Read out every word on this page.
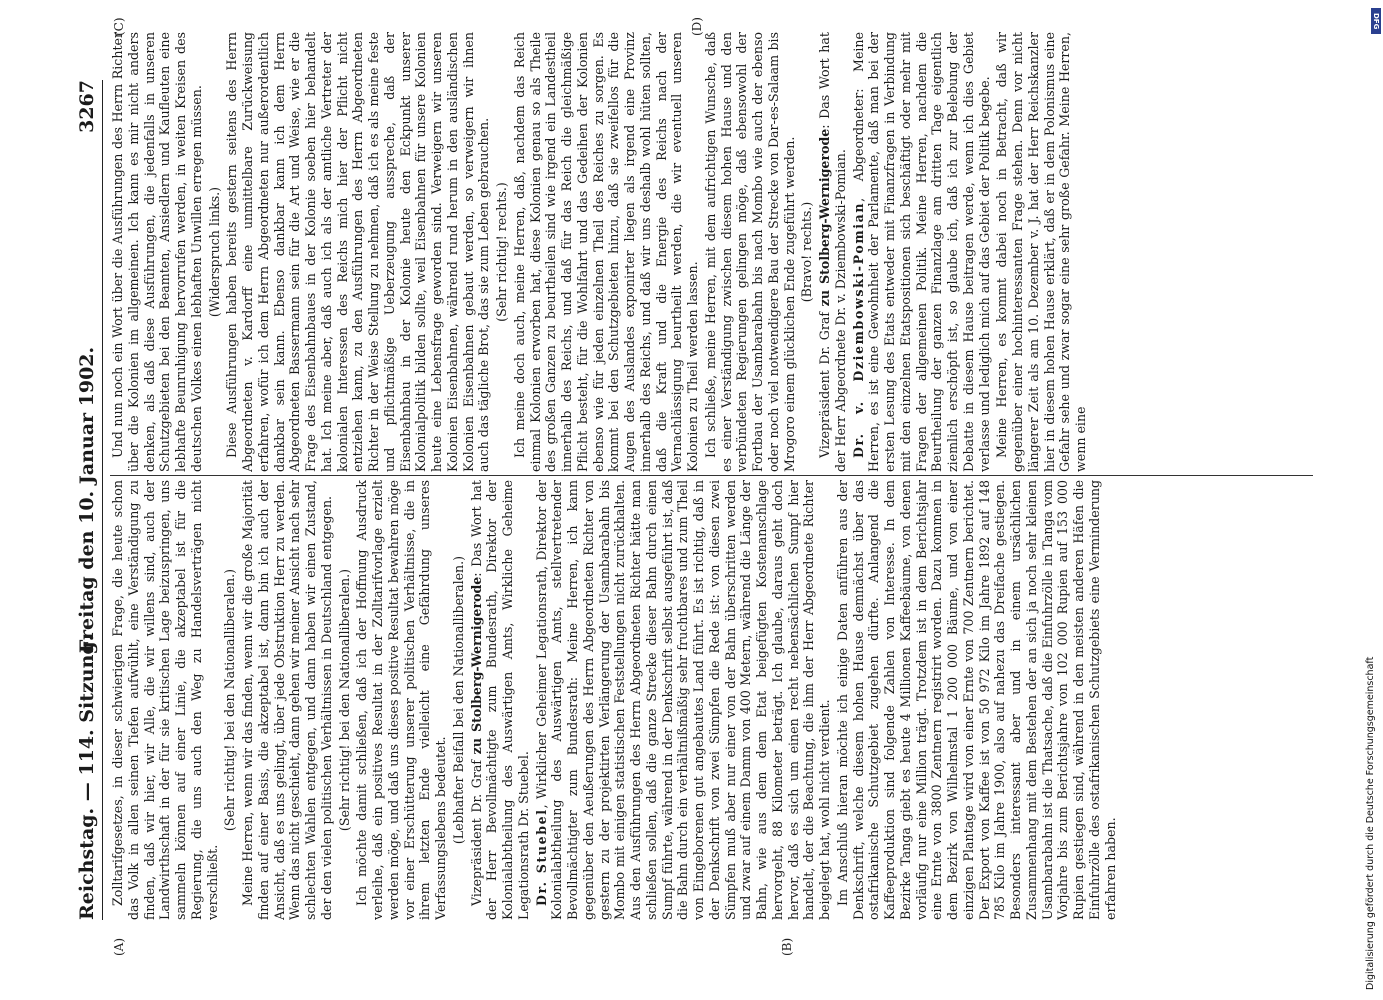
Reichstag. — 114. Sitzung.
Freitag den 10. Januar 1902.
3267
(A)	(B)
(C)	(D)

Zolltarifgesetzes, in dieser schwierigen Frage, die heute schon das Volk in allen seinen Tiefen aufwühlt, eine Verständigung zu finden, daß wir hier, wir Alle, die wir willens sind, auch der Landwirthschaft in der für sie kritischen Lage beizuspringen, uns sammeln können auf einer Linie, die akzeptabel ist für die Regierung, die uns auch den Weg zu Handelsverträgen nicht verschließt.

(Sehr richtig! bei den Nationalliberalen.) Meine Herren, wenn wir das finden, wenn wir die große Majorität finden auf einer Basis, die akzeptabel ist, dann bin ich auch der Ansicht, daß es uns gelingt, über jede Obstruktion Herr zu werden. Wenn das nicht geschieht, dann gehen wir meiner Ansicht nach sehr schlechten Wahlen entgegen, und dann haben wir einen Zustand, der den vielen politischen Verhältnissen in Deutschland entgegen. (Sehr richtig! bei den Nationalliberalen.) Ich möchte damit schließen, daß ich der Hoffnung Ausdruck verleihe, daß ein positives Resultat in der Zolltarifvorlage erzielt werden möge, und daß uns dieses positive Resultat bewahren möge vor einer Erschütterung unserer politischen Verhältnisse, die in ihrem letzten Ende vielleicht eine Gefährdung unseres Verfassungslebens bedeutet. (Lebhafter Beifall bei den Nationalliberalen.) Vizepräsident Dr. Graf zu Stolberg-Wernigerode: Das Wort hat der Herr Bevollmächtigte zum Bundesrath, Direktor der Kolonialabtheilung des Auswärtigen Amts, Wirkliche Geheime Legationsrath Dr. Stuebel. Dr. Stuebel, Wirklicher Geheimer Legationsrath, Direktor der Kolonialabtheilung des Auswärtigen Amts, stellvertretender Bevollmächtigter zum Bundesrath: Meine Herren, ich kann gegenüber den Aeußerungen des Herrn Abgeordneten Richter von gestern zu der projektirten Verlängerung der Usambarabahn bis Mombo mit einigen statistischen Feststellungen nicht zurückhalten. Aus den Ausführungen des Herrn Abgeordneten Richter hätte man schließen sollen, daß die ganze Strecke dieser Bahn durch einen Sumpf führte, während in der Denkschrift selbst ausgeführt ist, daß die Bahn durch ein verhältnißmäßig sehr fruchtbares und zum Theil von Eingeborenen gut angebautes Land führt. Es ist richtig, daß in der Denkschrift von zwei Sümpfen die Rede ist: von diesen zwei Sümpfen muß aber nur einer von der Bahn überschritten werden und zwar auf einem Damm von 400 Metern, während die Länge der Bahn, wie aus dem dem Etat beigefügten Kostenanschlage hervorgeht, 88 Kilometer beträgt. Ich glaube, daraus geht doch hervor, daß es sich um einen recht nebensächlichen Sumpf hier handelt, der die Beachtung, die ihm der Herr Abgeordnete Richter beigelegt hat, wohl nicht verdient. Im Anschluß hieran möchte ich einige Daten anführen aus der Denkschrift, welche diesem hohen Hause demnächst über das ostafrikanische Schutzgebiet zugehen dürfte. Anlangend die Kaffeeproduktion sind folgende Zahlen von Interesse. In dem Bezirke Tanga giebt es heute 4 Millionen Kaffeebäume, von denen vorläufig nur eine Million trägt. Trotzdem ist in dem Berichtsjahr eine Ernte von 3800 Zentnern registrirt worden. Dazu kommen in dem Bezirk von Wilhelmstal 1 200 000 Bäume, und von einer einzigen Plantage wird von einer Ernte von 700 Zentnern berichtet. Der Export von Kaffee ist von 50 972 Kilo im Jahre 1892 auf 148 785 Kilo im Jahre 1900, also auf nahezu das Dreifache gestiegen. Besonders interessant aber und in einem ursächlichen Zusammenhang mit dem Bestehen der an sich ja noch sehr kleinen Usambarabahn ist die Thatsache, daß die Einfuhrzölle in Tanga vom Vorjahre bis zum Berichtsjahre von 102 000 Rupien auf 153 000 Rupien gestiegen sind, während in den meisten anderen Häfen die Einfuhrzölle des ostafrikanischen Schutzgebiets eine Verminderung erfahren haben.

Und nun noch ein Wort über die Ausführungen des Herrn Richter über die Kolonien im allgemeinen. Ich kann es mir nicht anders denken, als daß diese Ausführungen, die jedenfalls in unseren Schutzgebieten bei den Beamten, Ansiedlern und Kaufleuten eine lebhafte Beunruhigung hervorrufen werden, in weiten Kreisen des deutschen Volkes einen lebhaften Unwillen erregen müssen. (Widerspruch links.) Diese Ausführungen haben bereits gestern seitens des Herrn Abgeordneten v. Kardorff eine unmittelbare Zurückweisung erfahren, wofür ich dem Herrn Abgeordneten nur außerordentlich dankbar sein kann. Ebenso dankbar kann ich dem Herrn Abgeordneten Bassermann sein für die Art und Weise, wie er die Frage des Eisenbahnbaues in der Kolonie soeben hier behandelt hat. Ich meine aber, daß auch ich als der amtliche Vertreter der kolonialen Interessen des Reichs mich hier der Pflicht nicht entziehen kann, zu den Ausführungen des Herrn Abgeordneten Richter in der Weise Stellung zu nehmen, daß ich es als meine feste und pflichtmäßige Ueberzeugung ausspreche, daß der Eisenbahnbau in der Kolonie heute den Eckpunkt unserer Kolonialpolitik bilden sollte, weil Eisenbahnen für unsere Kolonien heute eine Lebensfrage geworden sind. Verweigern wir unseren Kolonien Eisenbahnen, während rund herum in den ausländischen Kolonien Eisenbahnen gebaut werden, so verweigern wir ihnen auch das tägliche Brot, das sie zum Leben gebrauchen. (Sehr richtig! rechts.) Ich meine doch auch, meine Herren, daß, nachdem das Reich einmal Kolonien erworben hat, diese Kolonien genau so als Theile des großen Ganzen zu beurtheilen sind wie irgend ein Landestheil innerhalb des Reichs, und daß für das Reich die gleichmäßige Pflicht besteht, für die Wohlfahrt und das Gedeihen der Kolonien ebenso wie für jeden einzelnen Theil des Reiches zu sorgen. Es kommt bei den Schutzgebieten hinzu, daß sie zweifellos für die Augen des Auslandes exponirter liegen als irgend eine Provinz innerhalb des Reichs, und daß wir uns deshalb wohl hüten sollten, daß die Kraft und die Energie des Reichs nach der Vernachlässigung beurtheilt werden, die wir eventuell unseren Kolonien zu Theil werden lassen. Ich schließe, meine Herren, mit dem aufrichtigen Wunsche, daß es einer Verständigung zwischen diesem hohen Hause und den verbündeten Regierungen gelingen möge, daß ebensowohl der Fortbau der Usambarabahn bis nach Mombo wie auch der ebenso oder noch viel notwendigere Bau der Strecke von Dar-es-Salaam bis Mrogoro einem glücklichen Ende zugeführt werden. (Bravo! rechts.)

Vizepräsident Dr. Graf zu Stolberg-Wernigerode: Das Wort hat der Herr Abgeordnete Dr. v. Dziembowski-Pomian. Dr. v. Dziembowski-Pomian, Abgeordneter: Meine Herren, es ist eine Gewohnheit der Parlamente, daß man bei der ersten Lesung des Etats entweder mit Finanzfragen in Verbindung mit den einzelnen Etatspositionen sich beschäftigt oder mehr mit Fragen der allgemeinen Politik. Meine Herren, nachdem die Beurtheilung der ganzen Finanzlage am dritten Tage eigentlich ziemlich erschöpft ist, so glaube ich, daß ich zur Belebung der Debatte in diesem Hause beitragen werde, wenn ich dies Gebiet verlasse und lediglich mich auf das Gebiet der Politik begebe. Meine Herren, es kommt dabei noch in Betracht, daß wir gegenüber einer hochinteressanten Frage stehen. Denn vor nicht längerer Zeit als am 10. Dezember v. J. hat der Herr Reichskanzler hier in diesem hohen Hause erklärt, daß er in dem Polonismus eine Gefahr sehe und zwar sogar eine sehr große Gefahr. Meine Herren, wenn eine

DFG
Digitalisierung gefördert durch die Deutsche Forschungsgemeinschaft
